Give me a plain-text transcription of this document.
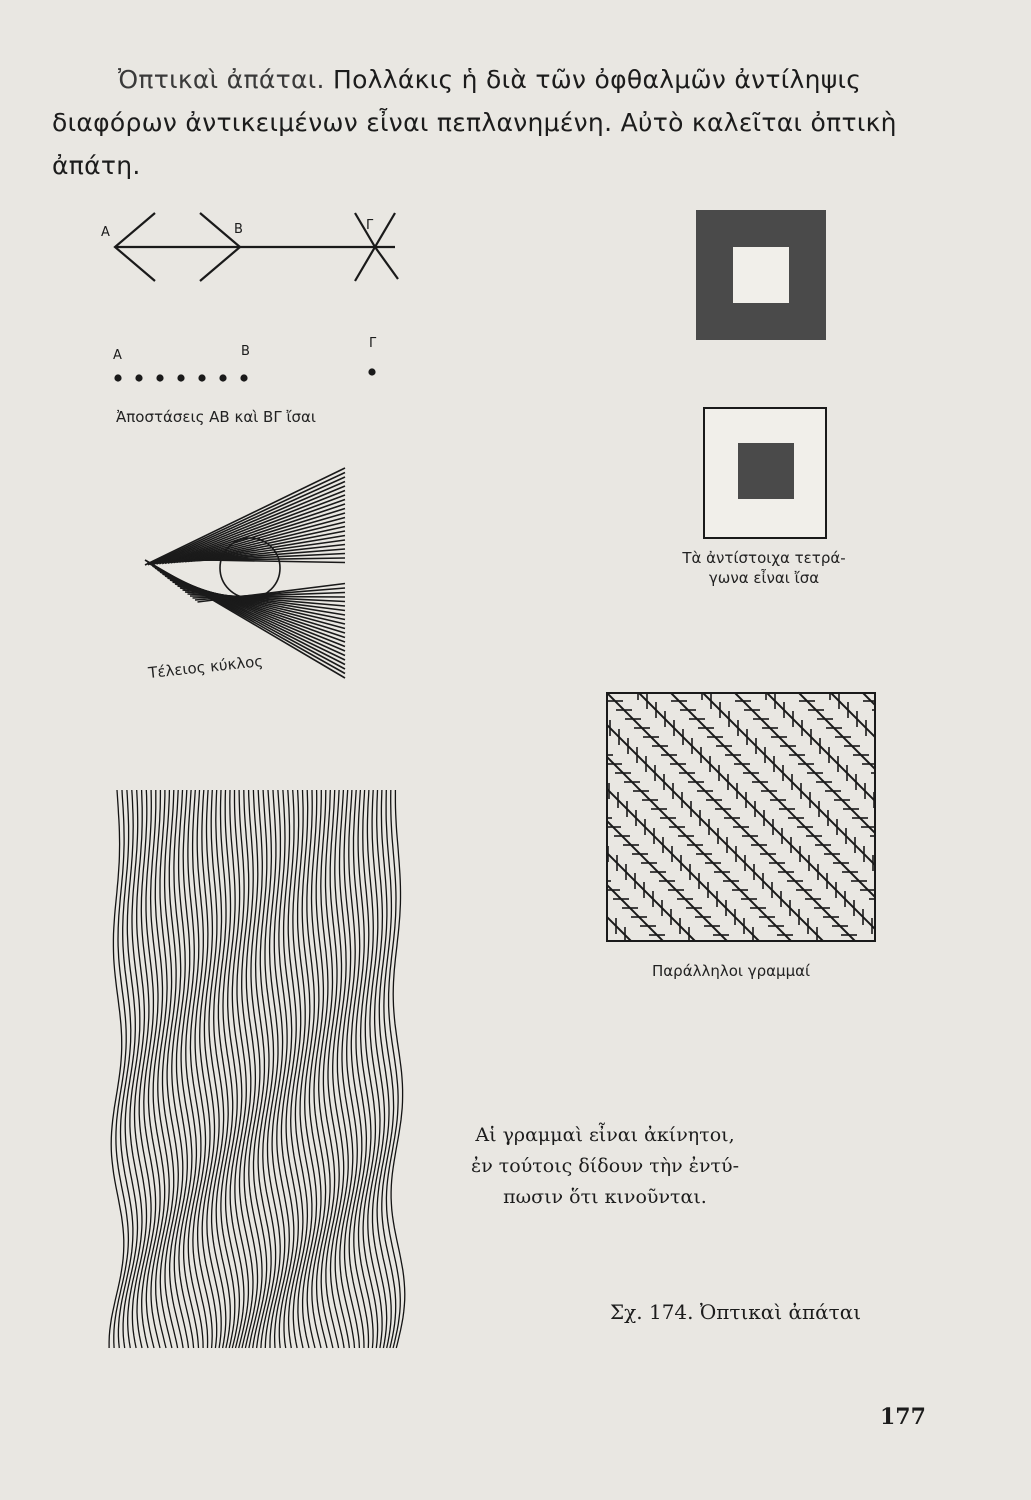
Ὀπτικαὶ ἀπάται. Πολλάκις ἡ διὰ τῶν ὀφθαλμῶν ἀντίληψις διαφόρων ἀντικειμένων εἶναι πεπλανημένη. Αὐτὸ καλεῖται ὀπτικὴ ἀπάτη.
Α	Β	Γ
Α	Β
Γ
Ἀποστάσεις ΑΒ καὶ ΒΓ ἴσαι
Τέλειος κύκλος
Τὰ ἀντίστοιχα τετρά-
γωνα εἶναι ἴσα
Παράλληλοι γραμμαί
Αἱ γραμμαὶ εἶναι ἀκίνητοι,
ἐν τούτοις δίδουν τὴν ἐντύ-
πωσιν ὅτι κινοῦνται.
Σχ. 174. Ὀπτικαὶ ἀπάται
177
